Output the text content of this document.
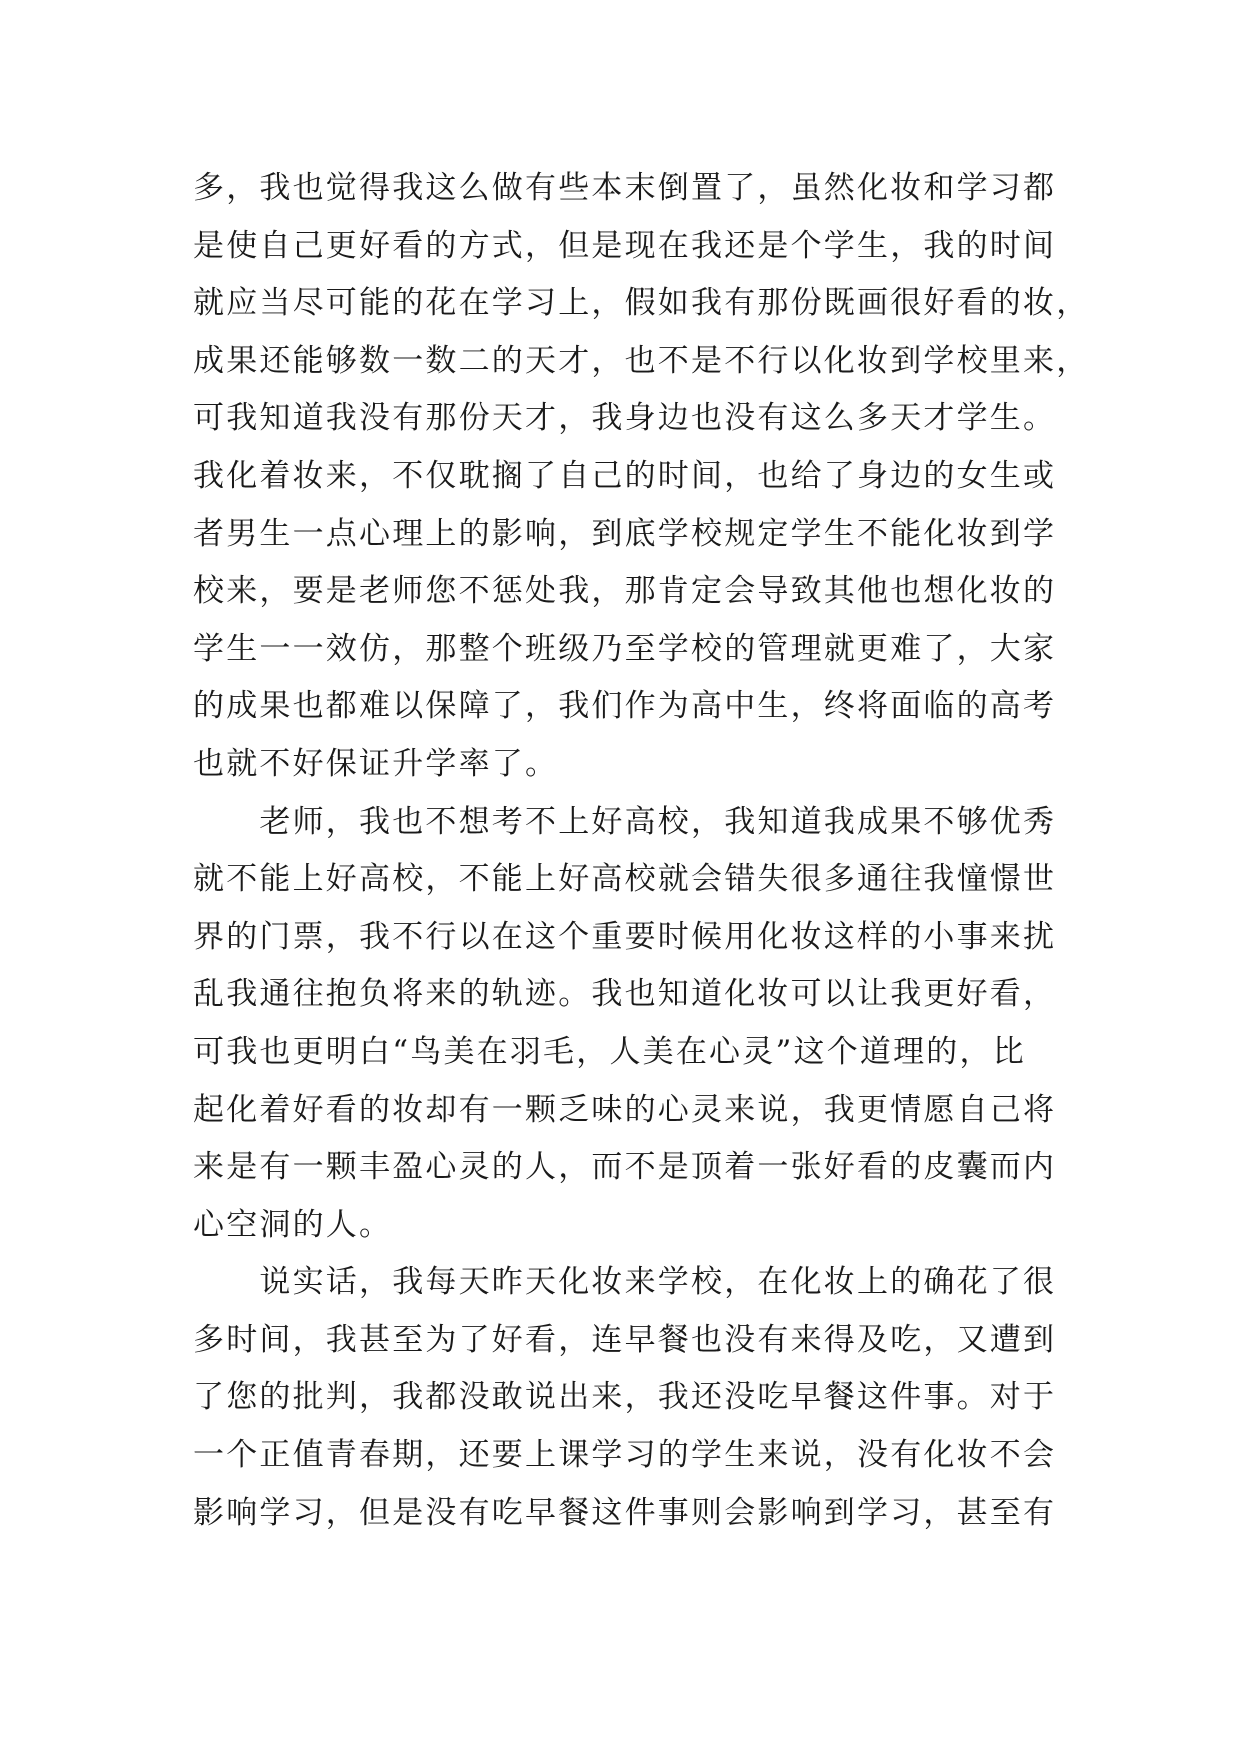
多，我也觉得我这么做有些本末倒置了，虽然化妆和学习都
是使自己更好看的方式，但是现在我还是个学生，我的时间
就应当尽可能的花在学习上，假如我有那份既画很好看的妆，
成果还能够数一数二的天才，也不是不行以化妆到学校里来，
可我知道我没有那份天才，我身边也没有这么多天才学生。
我化着妆来，不仅耽搁了自己的时间，也给了身边的女生或
者男生一点心理上的影响，到底学校规定学生不能化妆到学
校来，要是老师您不惩处我，那肯定会导致其他也想化妆的
学生一一效仿，那整个班级乃至学校的管理就更难了，大家
的成果也都难以保障了，我们作为高中生，终将面临的高考
也就不好保证升学率了。
　　老师，我也不想考不上好高校，我知道我成果不够优秀
就不能上好高校，不能上好高校就会错失很多通往我憧憬世
界的门票，我不行以在这个重要时候用化妆这样的小事来扰
乱我通往抱负将来的轨迹。我也知道化妆可以让我更好看，
可我也更明白“鸟美在羽毛，人美在心灵”这个道理的，比
起化着好看的妆却有一颗乏味的心灵来说，我更情愿自己将
来是有一颗丰盈心灵的人，而不是顶着一张好看的皮囊而内
心空洞的人。
　　说实话，我每天昨天化妆来学校，在化妆上的确花了很
多时间，我甚至为了好看，连早餐也没有来得及吃，又遭到
了您的批判，我都没敢说出来，我还没吃早餐这件事。对于
一个正值青春期，还要上课学习的学生来说，没有化妆不会
影响学习，但是没有吃早餐这件事则会影响到学习，甚至有
